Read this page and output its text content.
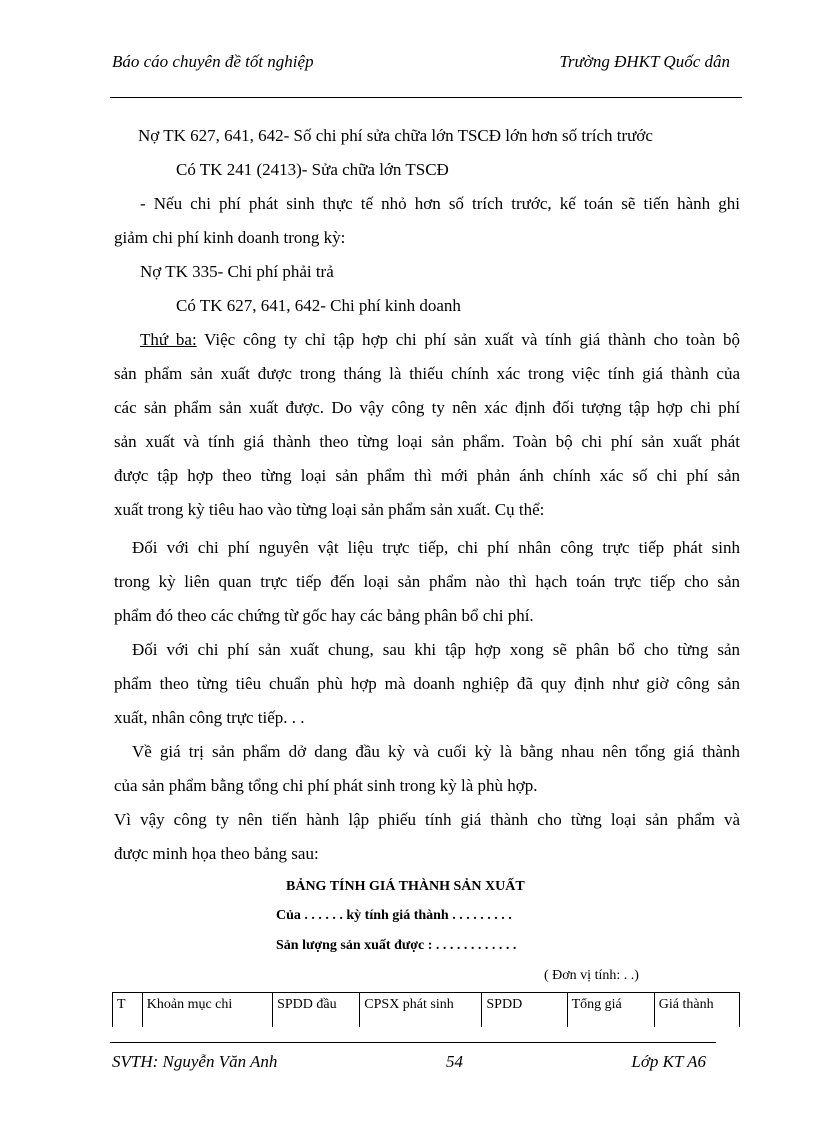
Báo cáo chuyên đề tốt nghiệp	Trường ĐHKT Quốc dân
Nợ TK 627, 641, 642- Số chi phí sửa chữa lớn TSCĐ lớn hơn số trích trước
Có TK 241 (2413)- Sửa chữa lớn TSCĐ
- Nếu chi phí phát sinh thực tế nhỏ hơn số trích trước, kế toán sẽ tiến hành ghi
giảm chi phí kinh doanh trong kỳ:
Nợ TK 335- Chi phí phải trả
Có TK 627, 641, 642- Chi phí kinh doanh
Thứ ba: Việc công ty chỉ tập hợp chi phí sản xuất và tính giá thành cho toàn bộ
sản phẩm sản xuất được trong tháng là thiếu chính xác trong việc tính giá thành của
các sản phẩm sản xuất được. Do vậy công ty nên xác định đối tượng tập hợp chi phí
sản xuất và tính giá thành theo từng loại sản phẩm. Toàn bộ chi phí sản xuất phát
được tập hợp theo từng loại sản phẩm thì mới phản ánh chính xác số chi phí sản
xuất trong kỳ tiêu hao vào từng loại sản phẩm sản xuất. Cụ thể:
Đối với chi phí nguyên vật liệu trực tiếp, chi phí nhân công trực tiếp phát sinh
trong kỳ liên quan trực tiếp đến loại sản phẩm nào thì hạch toán trực tiếp cho sản
phẩm đó theo các chứng từ gốc hay các bảng phân bổ chi phí.
Đối với chi phí sản xuất chung, sau khi tập hợp xong sẽ phân bổ cho từng sản
phẩm theo từng tiêu chuẩn phù hợp mà doanh nghiệp đã quy định như giờ công sản
xuất, nhân công trực tiếp. . .
Về giá trị sản phẩm dở dang đầu kỳ và cuối kỳ là bằng nhau nên tổng giá thành
của sản phẩm bằng tổng chi phí phát sinh trong kỳ là phù hợp.
Vì vậy công ty nên tiến hành lập phiếu tính giá thành cho từng loại sản phẩm và
được minh họa theo bảng sau:
BẢNG TÍNH GIÁ THÀNH SẢN XUẤT
Của . . . . . . kỳ tính giá thành . . . . . . . . .
Sản lượng sản xuất được : . . . . . . . . . . . .
( Đơn vị tính: . .)
T	Khoản mục chi	SPDD đầu	CPSX phát sinh	SPDD	Tổng giá	Giá thành
SVTH: Nguyễn Văn Anh	54	Lớp KT A6
